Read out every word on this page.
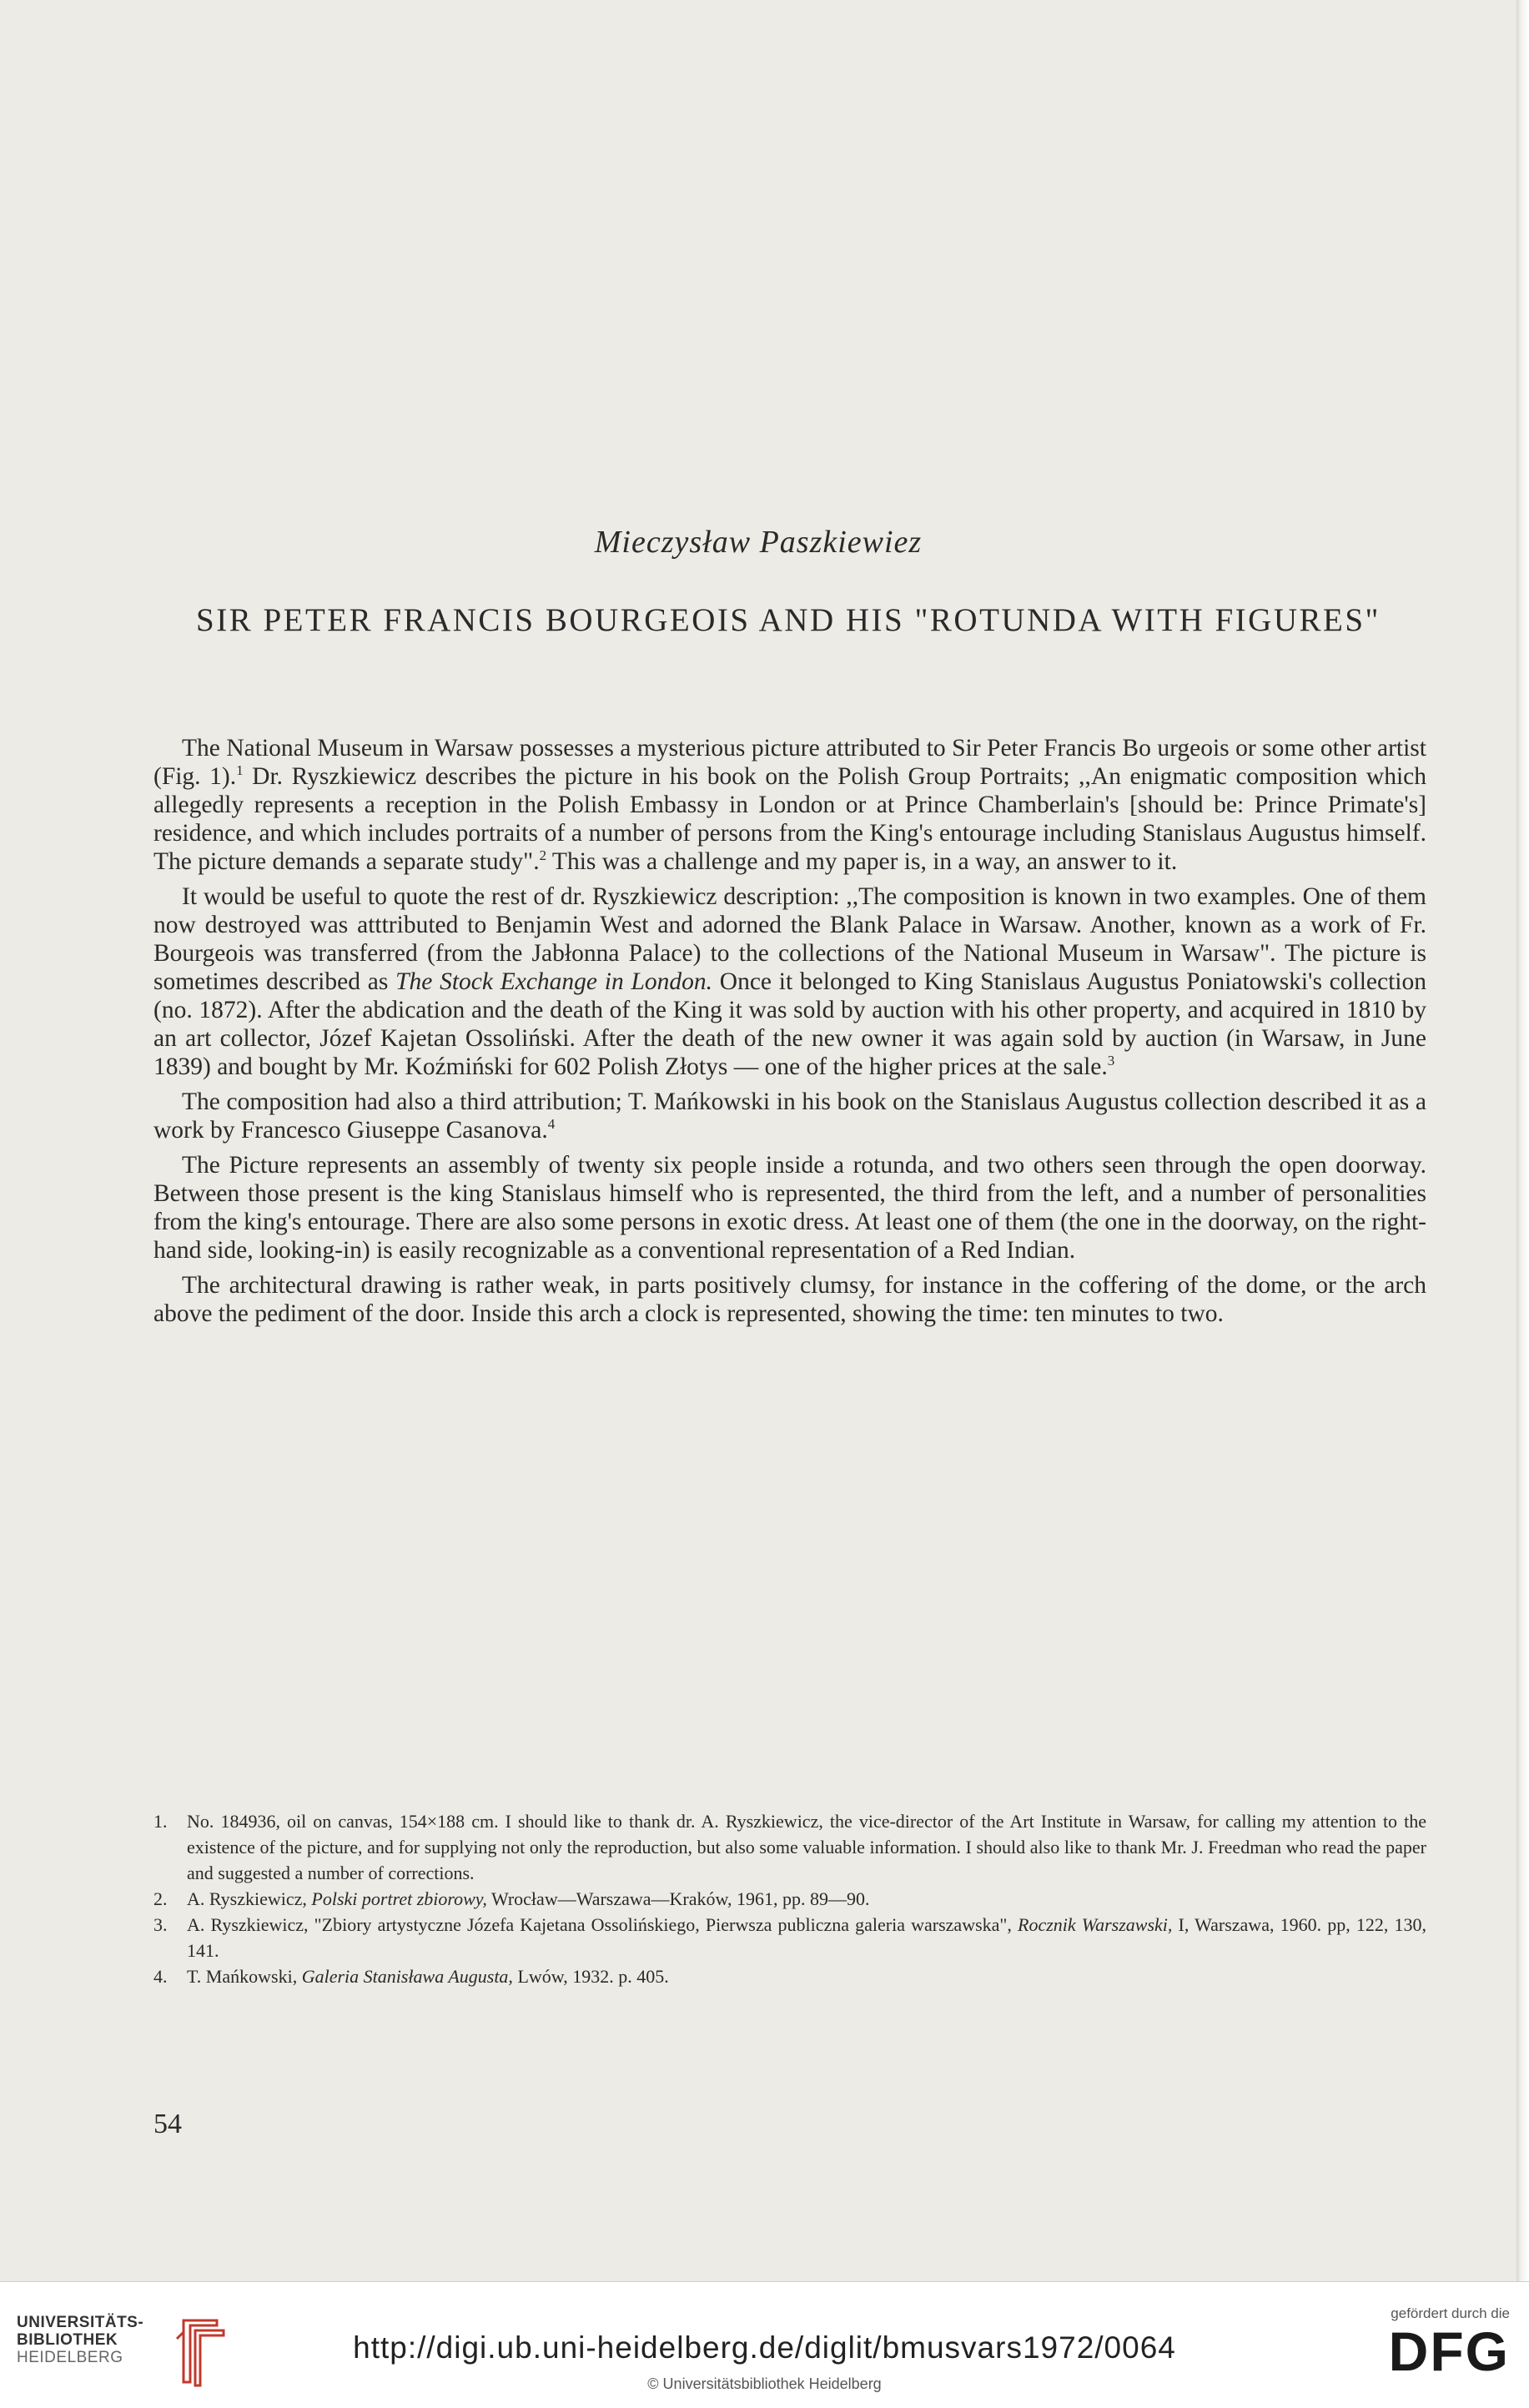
Mieczysław Paszkiewiez
SIR PETER FRANCIS BOURGEOIS AND HIS "ROTUNDA WITH FIGURES"

The National Museum in Warsaw possesses a mysterious picture attributed to Sir Peter Francis Bo urgeois or some other artist (Fig. 1).$^1$ Dr. Ryszkiewicz describes the picture in his book on the Polish Group Portraits; ,,An enigmatic composition which allegedly represents a reception in the Polish Embassy in London or at Prince Chamberlain's [should be: Prince Primate's] residence, and which includes portraits of a number of persons from the King's entourage including Stanislaus Augustus himself. The picture demands a separate study".$^2$ This was a challenge and my paper is, in a way, an answer to it.

It would be useful to quote the rest of dr. Ryszkiewicz description: ,,The composition is known in two examples. One of them now destroyed was atttributed to Benjamin West and adorned the Blank Palace in Warsaw. Another, known as a work of Fr. Bourgeois was transferred (from the Jabłonna Palace) to the collections of the National Museum in Warsaw". The picture is sometimes described as The Stock Exchange in London. Once it belonged to King Stanislaus Augustus Poniatowski's collection (no. 1872). After the abdication and the death of the King it was sold by auction with his other property, and acquired in 1810 by an art collector, Józef Kajetan Ossoliński. After the death of the new owner it was again sold by auction (in Warsaw, in June 1839) and bought by Mr. Koźmiński for 602 Polish Złotys — one of the higher prices at the sale.$^3$

The composition had also a third attribution; T. Mańkowski in his book on the Stanislaus Augustus collection described it as a work by Francesco Giuseppe Casanova.$^4$

The Picture represents an assembly of twenty six people inside a rotunda, and two others seen through the open doorway. Between those present is the king Stanislaus himself who is represented, the third from the left, and a number of personalities from the king's entourage. There are also some persons in exotic dress. At least one of them (the one in the doorway, on the right-hand side, looking-in) is easily recognizable as a conventional representation of a Red Indian.

The architectural drawing is rather weak, in parts positively clumsy, for instance in the coffering of the dome, or the arch above the pediment of the door. Inside this arch a clock is represented, showing the time: ten minutes to two.

1.	No. 184936, oil on canvas, 154×188 cm. I should like to thank dr. A. Ryszkiewicz, the vice-director of the Art Institute in Warsaw, for calling my attention to the existence of the picture, and for supplying not only the reproduction, but also some valuable information. I should also like to thank Mr. J. Freedman who read the paper and suggested a number of corrections.
2.	A. Ryszkiewicz, Polski portret zbiorowy, Wrocław—Warszawa—Kraków, 1961, pp. 89—90.
3.	A. Ryszkiewicz, "Zbiory artystyczne Józefa Kajetana Ossolińskiego, Pierwsza publiczna galeria warszawska", Rocznik Warszawski, I, Warszawa, 1960. pp, 122, 130, 141.
4.	T. Mańkowski, Galeria Stanisława Augusta, Lwów, 1932. p. 405.
54
UNIVERSITÄTS-
BIBLIOTHEK
HEIDELBERG	http://digi.ub.uni-heidelberg.de/diglit/bmusvars1972/0064
© Universitätsbibliothek Heidelberg
gefördert durch die
DFG
